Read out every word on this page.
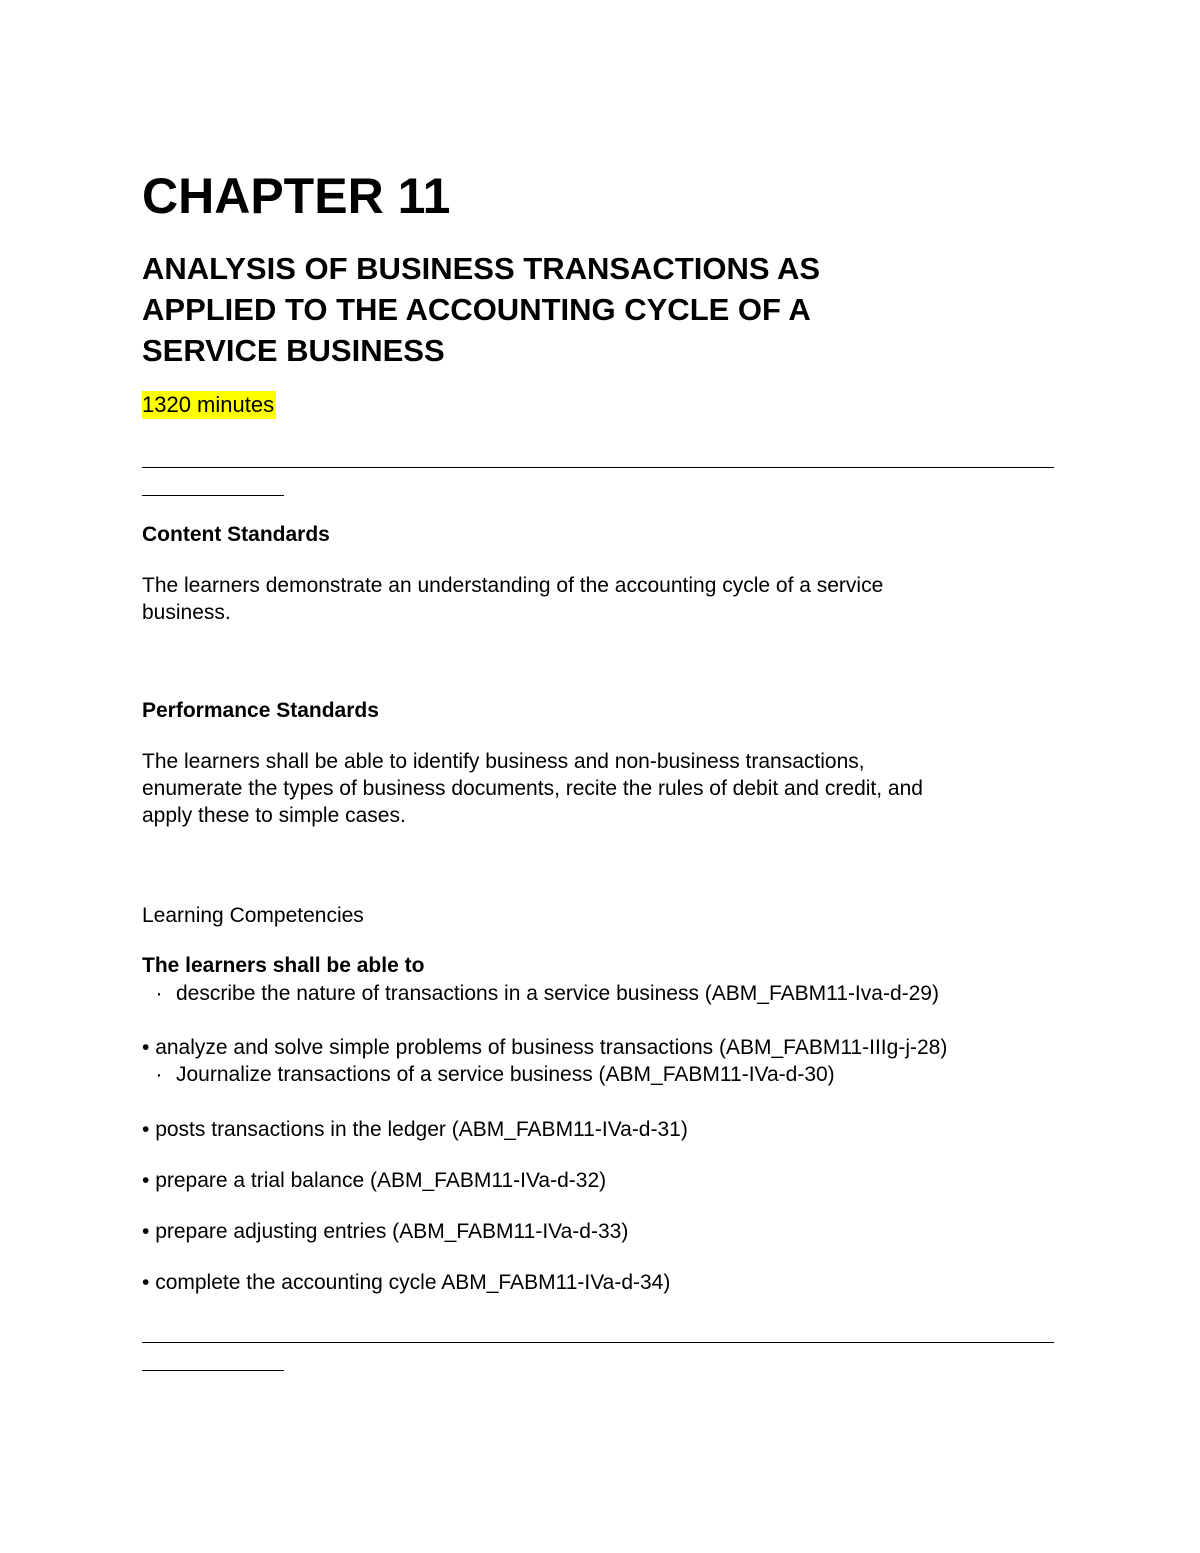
CHAPTER 11
ANALYSIS OF BUSINESS TRANSACTIONS AS
APPLIED TO THE ACCOUNTING CYCLE OF A
SERVICE BUSINESS
1320 minutes
Content Standards
The learners demonstrate an understanding of the accounting cycle of a service
business.
Performance Standards
The learners shall be able to identify business and non-business transactions,
enumerate the types of business documents, recite the rules of debit and credit, and
apply these to simple cases.
Learning Competencies
The learners shall be able to
· describe the nature of transactions in a service business (ABM_FABM11-Iva-d-29)
• analyze and solve simple problems of business transactions (ABM_FABM11-IIIg-j-28)
· Journalize transactions of a service business (ABM_FABM11-IVa-d-30)
• posts transactions in the ledger (ABM_FABM11-IVa-d-31)
• prepare a trial balance (ABM_FABM11-IVa-d-32)
• prepare adjusting entries (ABM_FABM11-IVa-d-33)
• complete the accounting cycle ABM_FABM11-IVa-d-34)
